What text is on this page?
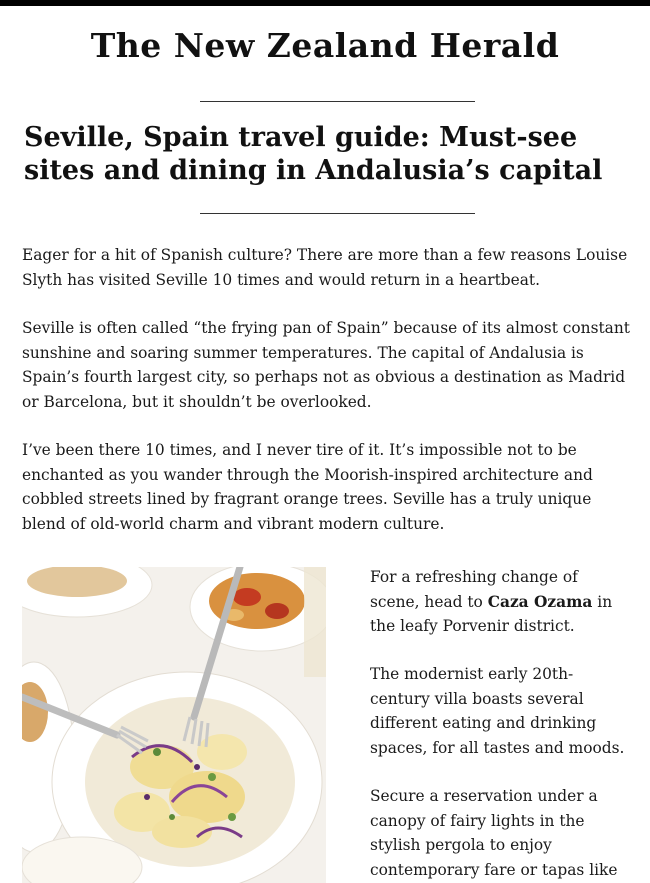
The New Zealand Herald
Seville, Spain travel guide: Must-see sites and dining in Andalusia’s capital

Eager for a hit of Spanish culture? There are more than a few reasons Louise Slyth has visited Seville 10 times and would return in a heartbeat.

Seville is often called “the frying pan of Spain” because of its almost constant sunshine and soaring summer temperatures. The capital of Andalusia is Spain’s fourth largest city, so perhaps not as obvious a destination as Madrid or Barcelona, but it shouldn’t be overlooked.

I’ve been there 10 times, and I never tire of it. It’s impossible not to be enchanted as you wander through the Moorish-inspired architecture and cobbled streets lined by fragrant orange trees. Seville has a truly unique blend of old-world charm and vibrant modern culture.

For a refreshing change of scene, head to Caza Ozama in the leafy Porvenir district.

The modernist early 20th-century villa boasts several different eating and drinking spaces, for all tastes and moods.

Secure a reservation under a canopy of fairy lights in the stylish pergola to enjoy contemporary fare or tapas like
